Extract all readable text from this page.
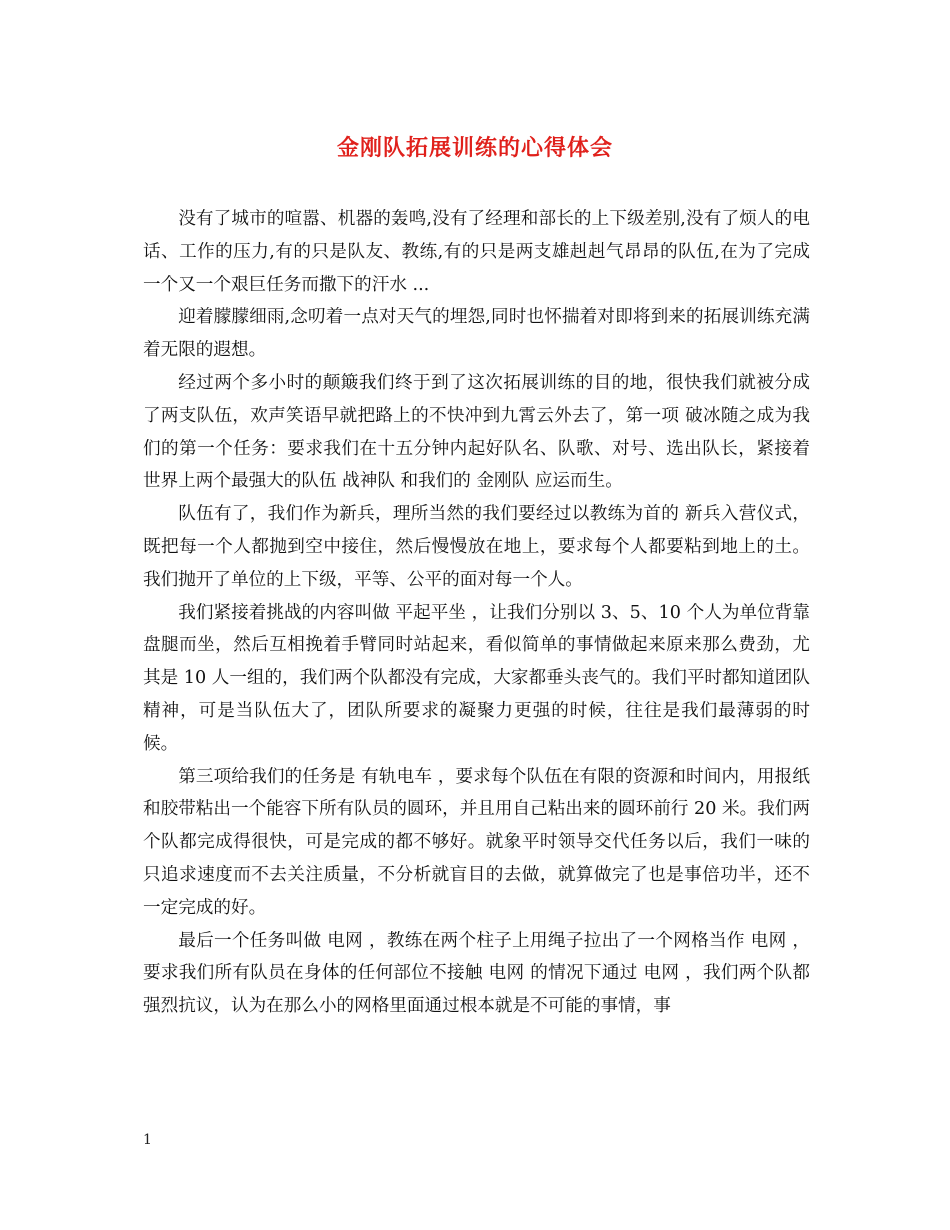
金刚队拓展训练的心得体会

没有了城市的喧嚣、机器的轰鸣,没有了经理和部长的上下级差别,没有了烦人的电话、工作的压力,有的只是队友、教练,有的只是两支雄赳赳气昂昂的队伍,在为了完成一个又一个艰巨任务而撒下的汗水 ...

迎着朦朦细雨,念叨着一点对天气的埋怨,同时也怀揣着对即将到来的拓展训练充满着无限的遐想。

经过两个多小时的颠簸我们终于到了这次拓展训练的目的地，很快我们就被分成了两支队伍，欢声笑语早就把路上的不快冲到九霄云外去了，第一项 破冰随之成为我们的第一个任务：要求我们在十五分钟内起好队名、队歌、对号、选出队长，紧接着世界上两个最强大的队伍 战神队 和我们的 金刚队 应运而生。

队伍有了，我们作为新兵，理所当然的我们要经过以教练为首的 新兵入营仪式，既把每一个人都抛到空中接住，然后慢慢放在地上，要求每个人都要粘到地上的土。我们抛开了单位的上下级，平等、公平的面对每一个人。

我们紧接着挑战的内容叫做 平起平坐 ，让我们分别以 3、5、10 个人为单位背靠盘腿而坐，然后互相挽着手臂同时站起来，看似简单的事情做起来原来那么费劲，尤其是 10 人一组的，我们两个队都没有完成，大家都垂头丧气的。我们平时都知道团队精神，可是当队伍大了，团队所要求的凝聚力更强的时候，往往是我们最薄弱的时候。

第三项给我们的任务是 有轨电车 ，要求每个队伍在有限的资源和时间内，用报纸和胶带粘出一个能容下所有队员的圆环，并且用自己粘出来的圆环前行 20 米。我们两个队都完成得很快，可是完成的都不够好。就象平时领导交代任务以后，我们一味的只追求速度而不去关注质量，不分析就盲目的去做，就算做完了也是事倍功半，还不一定完成的好。

最后一个任务叫做 电网 ，教练在两个柱子上用绳子拉出了一个网格当作 电网 ，要求我们所有队员在身体的任何部位不接触 电网 的情况下通过 电网 ，我们两个队都强烈抗议，认为在那么小的网格里面通过根本就是不可能的事情，事

1
